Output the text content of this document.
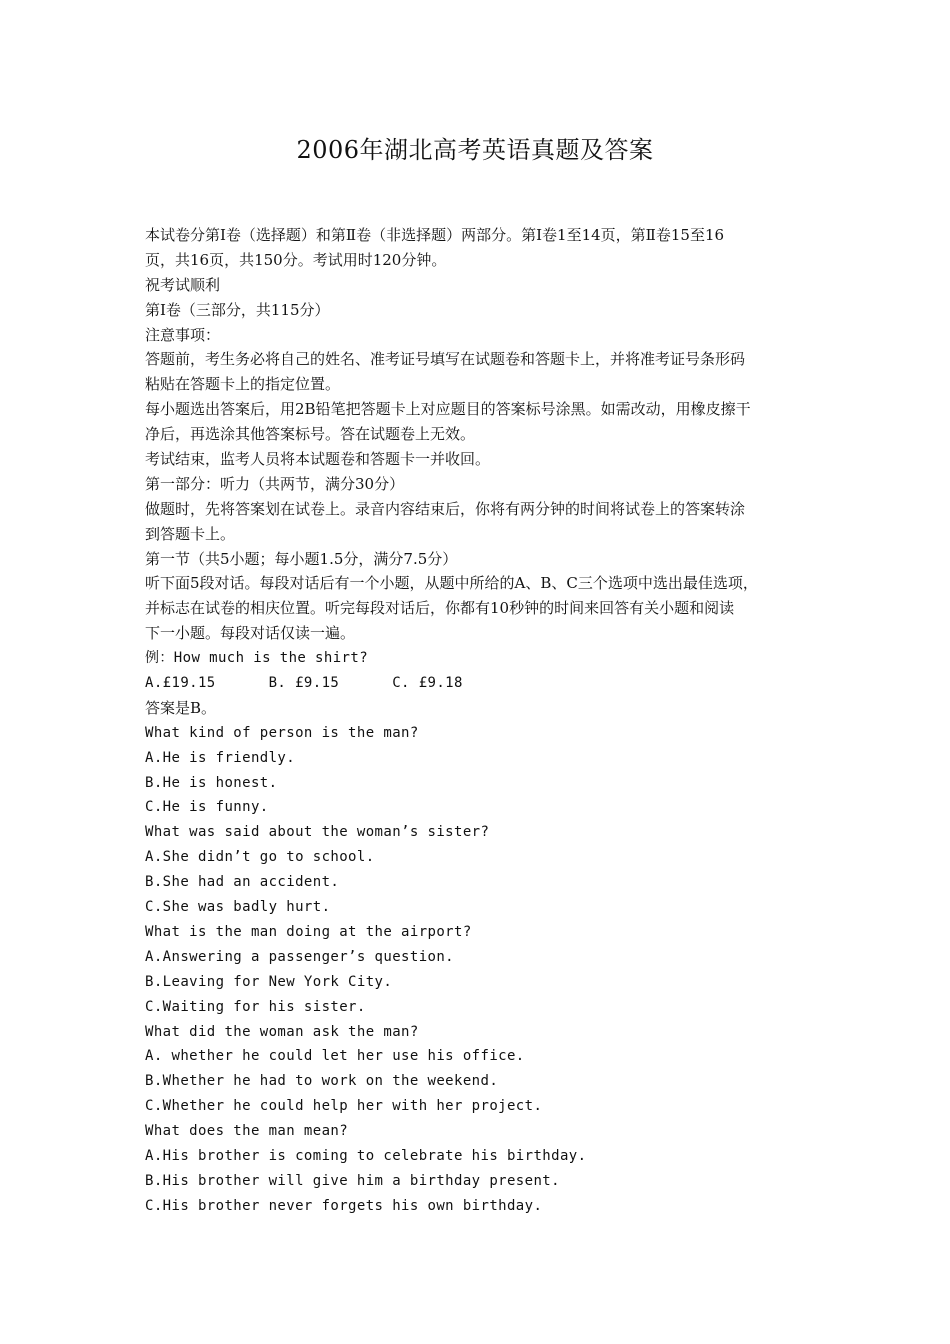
2006年湖北高考英语真题及答案
本试卷分第Ⅰ卷（选择题）和第Ⅱ卷（非选择题）两部分。第Ⅰ卷1至14页，第Ⅱ卷15至16
页，共16页，共150分。考试用时120分钟。
祝考试顺利
第Ⅰ卷（三部分，共115分）
注意事项：
答题前，考生务必将自己的姓名、准考证号填写在试题卷和答题卡上，并将准考证号条形码
粘贴在答题卡上的指定位置。
每小题选出答案后，用2B铅笔把答题卡上对应题目的答案标号涂黑。如需改动，用橡皮擦干
净后，再选涂其他答案标号。答在试题卷上无效。
考试结束，监考人员将本试题卷和答题卡一并收回。
第一部分：听力（共两节，满分30分）
做题时，先将答案划在试卷上。录音内容结束后，你将有两分钟的时间将试卷上的答案转涂
到答题卡上。
第一节（共5小题；每小题1.5分，满分7.5分）
听下面5段对话。每段对话后有一个小题，从题中所给的A、B、C三个选项中选出最佳选项，
并标志在试卷的相庆位置。听完每段对话后，你都有10秒钟的时间来回答有关小题和阅读
下一小题。每段对话仅读一遍。
例：How much is the shirt?
A.£19.15      B. £9.15      C. £9.18
答案是B。
What kind of person is the man?
A.He is friendly.
B.He is honest.
C.He is funny.
What was said about the woman’s sister?
A.She didn’t go to school.
B.She had an accident.
C.She was badly hurt.
What is the man doing at the airport?
A.Answering a passenger’s question.
B.Leaving for New York City.
C.Waiting for his sister.
What did the woman ask the man?
A. whether he could let her use his office.
B.Whether he had to work on the weekend.
C.Whether he could help her with her project.
What does the man mean?
A.His brother is coming to celebrate his birthday.
B.His brother will give him a birthday present.
C.His brother never forgets his own birthday.
